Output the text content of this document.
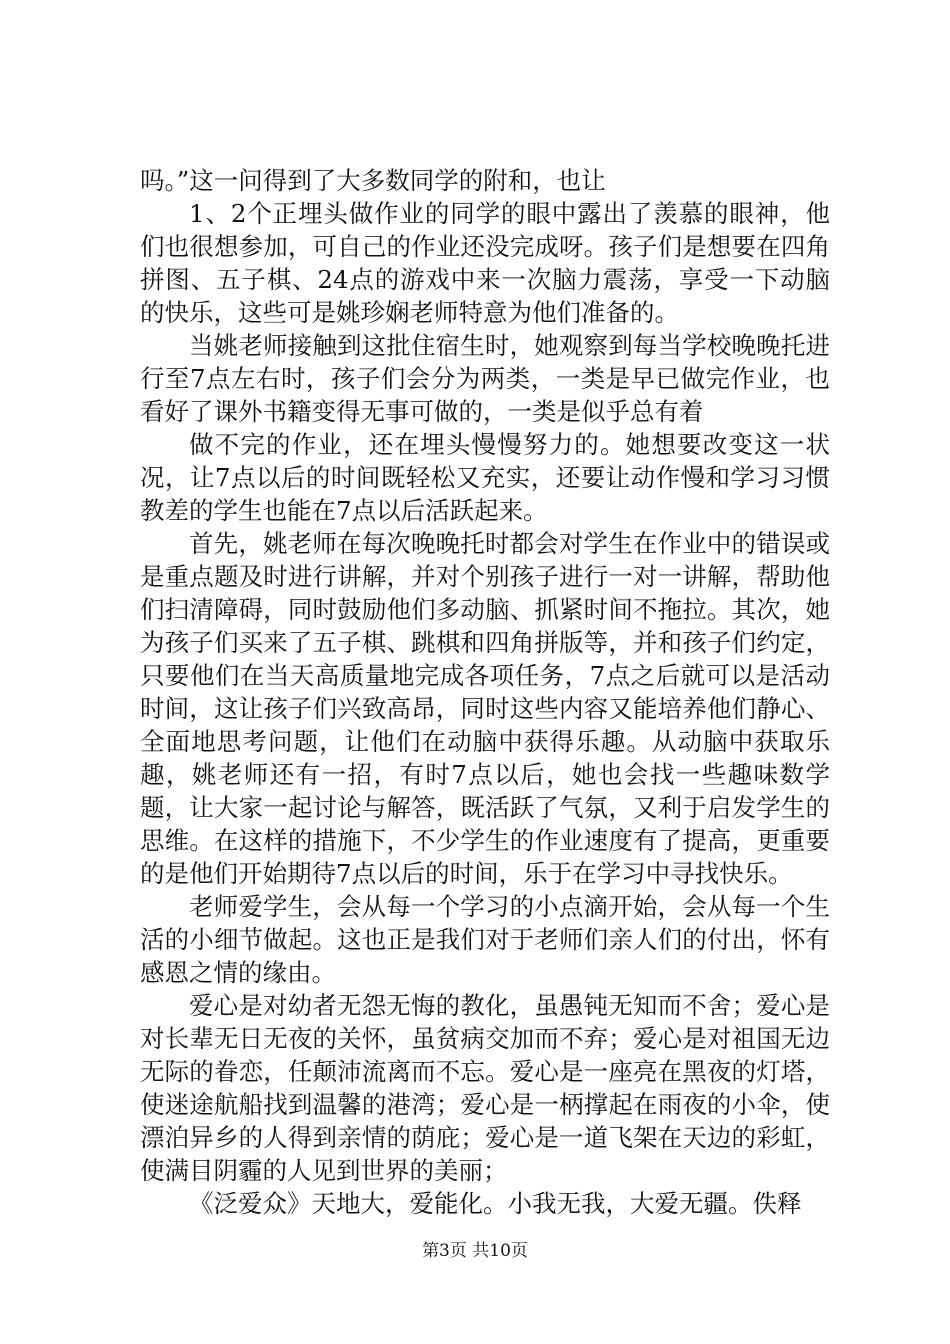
吗。”这一问得到了大多数同学的附和，也让

1、2个正埋头做作业的同学的眼中露出了羡慕的眼神，他们也很想参加，可自己的作业还没完成呀。孩子们是想要在四角拼图、五子棋、24点的游戏中来一次脑力震荡，享受一下动脑的快乐，这些可是姚珍娴老师特意为他们准备的。

当姚老师接触到这批住宿生时，她观察到每当学校晚晚托进行至7点左右时，孩子们会分为两类，一类是早已做完作业，也看好了课外书籍变得无事可做的，一类是似乎总有着

做不完的作业，还在埋头慢慢努力的。她想要改变这一状况，让7点以后的时间既轻松又充实，还要让动作慢和学习习惯教差的学生也能在7点以后活跃起来。

首先，姚老师在每次晚晚托时都会对学生在作业中的错误或是重点题及时进行讲解，并对个别孩子进行一对一讲解，帮助他们扫清障碍，同时鼓励他们多动脑、抓紧时间不拖拉。其次，她为孩子们买来了五子棋、跳棋和四角拼版等，并和孩子们约定，只要他们在当天高质量地完成各项任务，7点之后就可以是活动时间，这让孩子们兴致高昂，同时这些内容又能培养他们静心、全面地思考问题，让他们在动脑中获得乐趣。从动脑中获取乐趣，姚老师还有一招，有时7点以后，她也会找一些趣味数学题，让大家一起讨论与解答，既活跃了气氛，又利于启发学生的思维。在这样的措施下，不少学生的作业速度有了提高，更重要的是他们开始期待7点以后的时间，乐于在学习中寻找快乐。

老师爱学生，会从每一个学习的小点滴开始，会从每一个生活的小细节做起。这也正是我们对于老师们亲人们的付出，怀有感恩之情的缘由。

爱心是对幼者无怨无悔的教化，虽愚钝无知而不舍；爱心是对长辈无日无夜的关怀，虽贫病交加而不弃；爱心是对祖国无边无际的眷恋，任颠沛流离而不忘。爱心是一座亮在黑夜的灯塔，使迷途航船找到温馨的港湾；爱心是一柄撑起在雨夜的小伞，使漂泊异乡的人得到亲情的荫庇；爱心是一道飞架在天边的彩虹，使满目阴霾的人见到世界的美丽；

《泛爱众》天地大，爱能化。小我无我，大爱无疆。佚释

第3页 共10页
